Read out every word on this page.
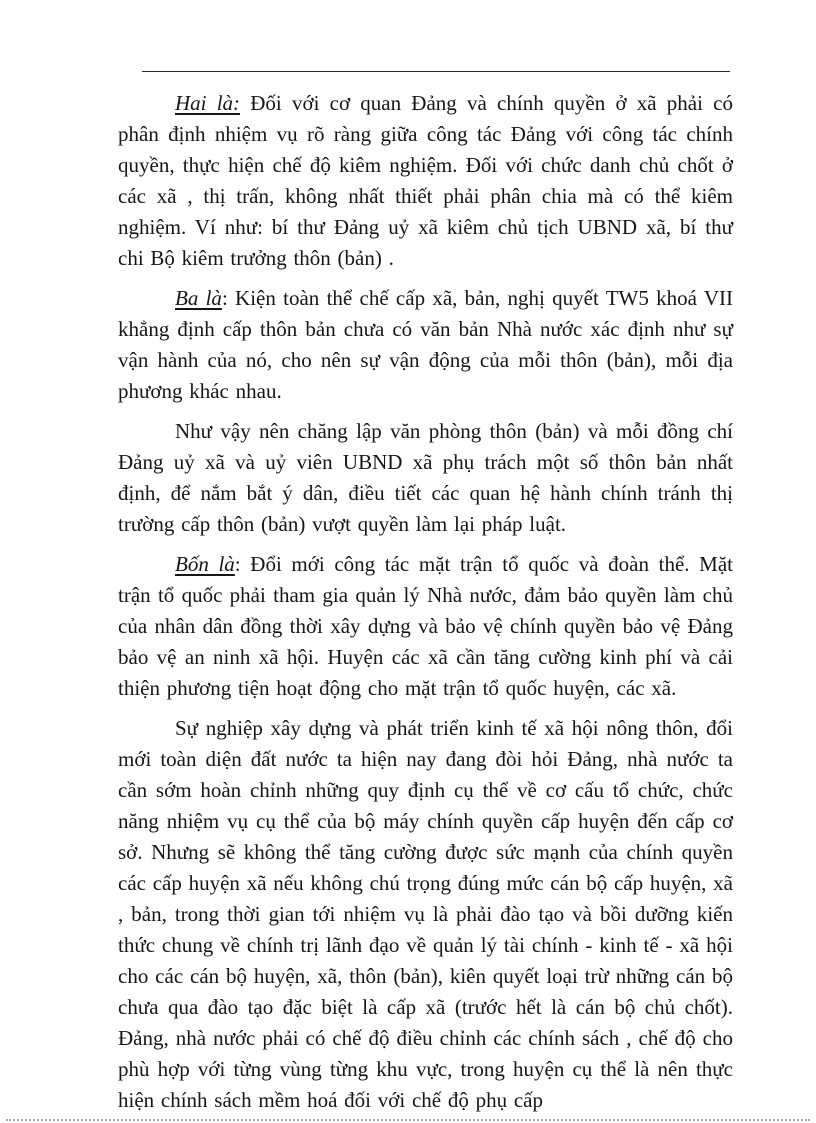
Hai là: Đối với cơ quan Đảng và chính quyền ở xã phải có phân định nhiệm vụ rõ ràng giữa công tác Đảng với công tác chính quyền, thực hiện chế độ kiêm nghiệm. Đối với chức danh chủ chốt ở các xã , thị trấn, không nhất thiết phải phân chia mà có thể kiêm nghiệm. Ví như: bí thư Đảng uỷ xã kiêm chủ tịch UBND xã, bí thư chi Bộ kiêm trưởng thôn (bản) .

Ba là: Kiện toàn thể chế cấp xã, bản, nghị quyết TW5 khoá VII khẳng định cấp thôn bản chưa có văn bản Nhà nước xác định như sự vận hành của nó, cho nên sự vận động của mỗi thôn (bản), mỗi địa phương khác nhau.

Như vậy nên chăng lập văn phòng thôn (bản) và mỗi đồng chí Đảng uỷ xã và uỷ viên UBND xã phụ trách một số thôn bản nhất định, để nắm bắt ý dân, điều tiết các quan hệ hành chính tránh thị trường cấp thôn (bản) vượt quyền làm lại pháp luật.

Bốn là: Đổi mới công tác mặt trận tổ quốc và đoàn thể. Mặt trận tổ quốc phải tham gia quản lý Nhà nước, đảm bảo quyền làm chủ của nhân dân đồng thời xây dựng và bảo vệ chính quyền bảo vệ Đảng bảo vệ an ninh xã hội. Huyện các xã cần tăng cường kinh phí và cải thiện phương tiện hoạt động cho mặt trận tổ quốc huyện, các xã.

Sự nghiệp xây dựng và phát triển kinh tế xã hội nông thôn, đổi mới toàn diện đất nước ta hiện nay đang đòi hỏi Đảng, nhà nước ta cần sớm hoàn chỉnh những quy định cụ thể về cơ cấu tổ chức, chức năng nhiệm vụ cụ thể của bộ máy chính quyền cấp huyện đến cấp cơ sở. Nhưng sẽ không thể tăng cường được sức mạnh của chính quyền các cấp huyện xã nếu không chú trọng đúng mức cán bộ cấp huyện, xã , bản, trong thời gian tới nhiệm vụ là phải đào tạo và bồi dưỡng kiến thức chung về chính trị lãnh đạo về quản lý tài chính - kinh tế - xã hội cho các cán bộ huyện, xã, thôn (bản), kiên quyết loại trừ những cán bộ chưa qua đào tạo đặc biệt là cấp xã (trước hết là cán bộ chủ chốt). Đảng, nhà nước phải có chế độ điều chỉnh các chính sách , chế độ cho phù hợp với từng vùng từng khu vực, trong huyện cụ thể là nên thực hiện chính sách mềm hoá đối với chế độ phụ cấp
